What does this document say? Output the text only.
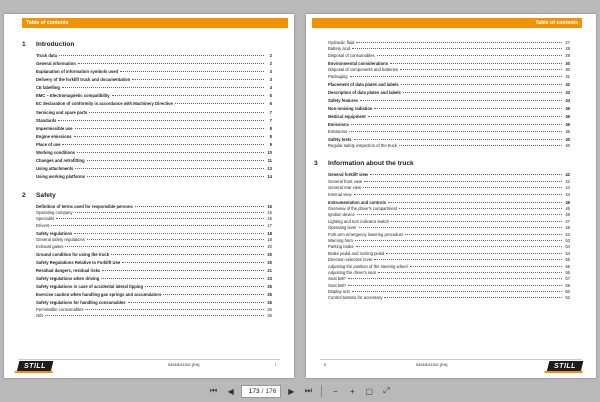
Table of contents
1	Introduction
Truck data	2
General information	2
Explanation of information symbols used	3
Delivery of the forklift truck and documentation	3
CE labelling	4
EMC – Electromagnetic compatibility	5
EC declaration of conformity in accordance with Machinery Directive	6
Servicing and spare parts	7
Standards	7
Impermissible use	8
Engine emissions	8
Place of use	9
Working conditions	10
Changes and retrofitting	11
Using attachments	13
Using working platforms	14
2	Safety
Definition of terms used for responsible persons	16
Operating company	16
Specialist	16
Drivers	17
Safety regulations	18
General safety regulations	18
Exhaust gases	20
Ground condition for using the truck	20
Safety Regulations Relative to Forklift Use	20
Residual dangers, residual risks	21
Safety regulations when driving	23
Safety regulations in case of accidental lateral tipping	25
Exercise caution when handling gas springs and accumulators	25
Safety regulations for handling consumables	26
Permissible consumables	26
Oils	26
STILL	54048011501 [EN]	I
Table of contents
Hydraulic fluid	27
Battery acid	28
Disposal of consumables	29
Environmental considerations	30
Disposal of components and batteries	30
Packaging	31
Placement of data plates and labels	32
Description of data plates and labels	33
Safety features	34
Non-ionising radiation	36
Medical equipment	36
Emissions	36
Emissions	36
Safety tests	40
Regular safety inspection of the truck	40
3	Information about the truck
General forklift view	42
General front view	42
General rear view	44
Internal view	44
Instrumentation and controls	45
Overview of the driver's compartment	46
Ignition device	46
Lighting and turn indicator switch	47
Operating lever	48
Fork arm emergency lowering procedure	52
Warning horn	53
Parking brake	54
Brake pedal and inching pedal	54
Direction selection lever	55
Adjusting the position of the steering wheel	55
Adjusting the driver's seat	56
Seat belt*	57
Seat belt*	58
Display unit	60
Control buttons for accessory	62
II	54048011501 [EN]	STILL
⏮	◀
173	/ 176	▶	⏭	−	+	▢	⤢
